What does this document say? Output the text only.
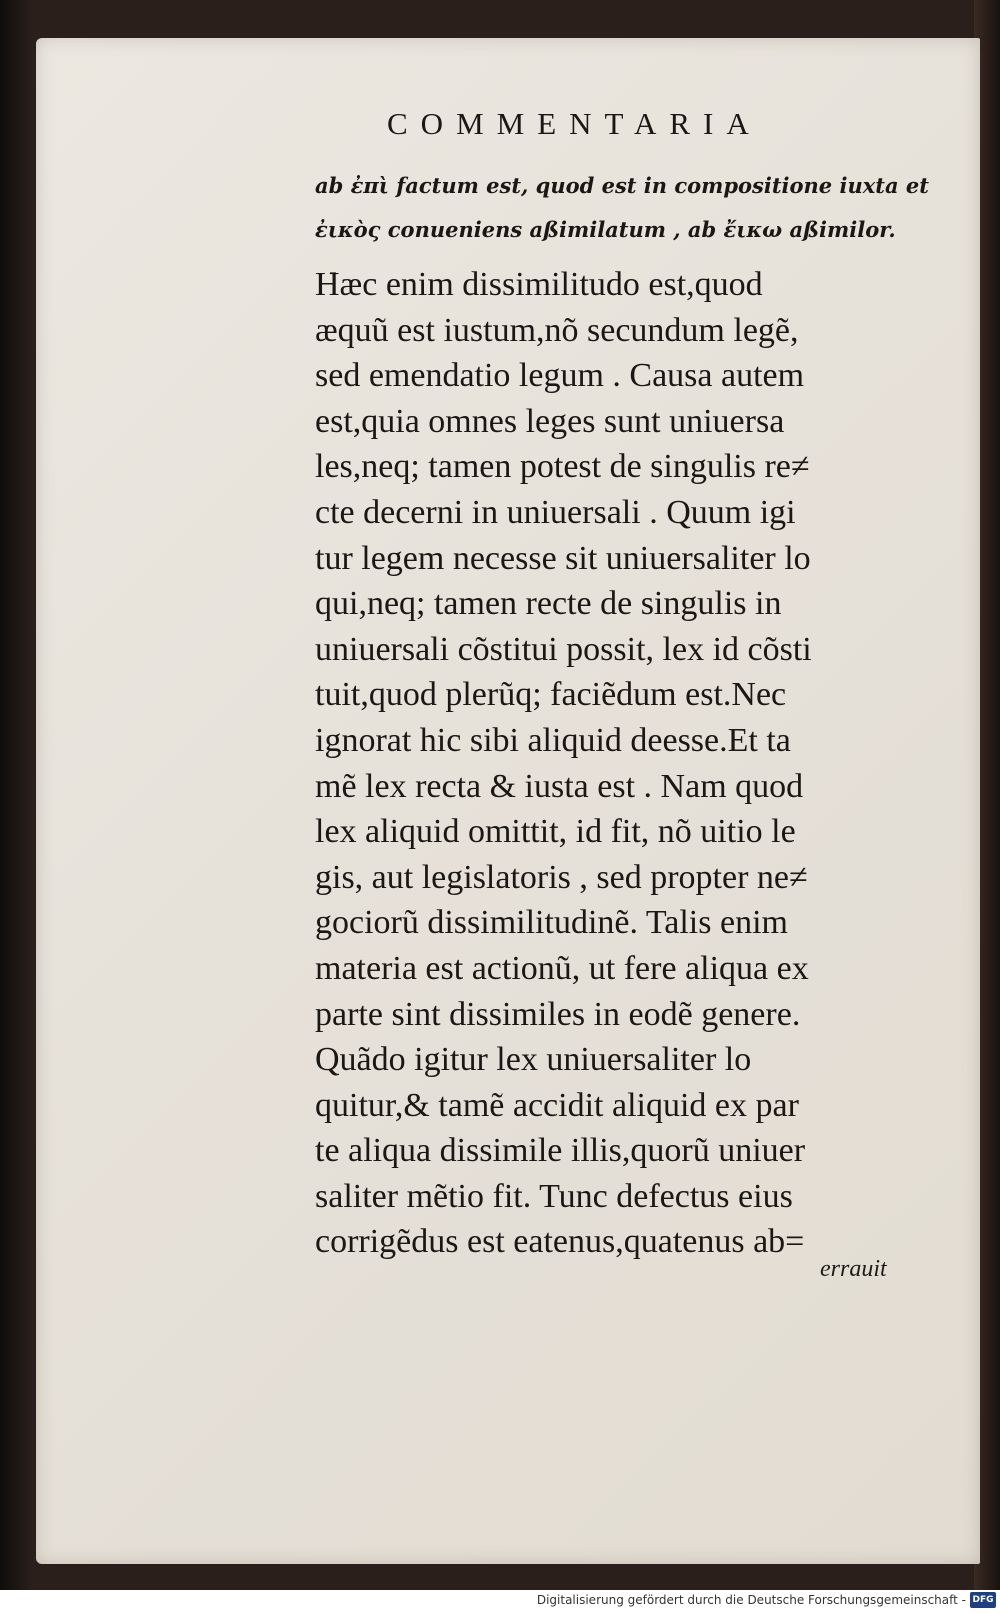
COMMENTARIA

ab ἐπὶ factum est, quod est in compositione iuxta et

ἐικὸς conueniens aßimilatum , ab ἔικω aßimilor.

Hæc enim dissimilitudo est,quod

æquũ est iustum,nõ secundum legẽ,

sed emendatio legum . Causa autem

est,quia omnes leges sunt uniuersa

les,neq; tamen potest de singulis re≠

cte decerni in uniuersali . Quum igi

tur legem necesse sit uniuersaliter lo

qui,neq; tamen recte de singulis in

uniuersali cõstitui possit, lex id cõsti

tuit,quod plerũq; faciẽdum est.Nec

ignorat hic sibi aliquid deesse.Et ta

mẽ lex recta & iusta est . Nam quod

lex aliquid omittit, id fit, nõ uitio le

gis, aut legislatoris , sed propter ne≠

gociorũ dissimilitudinẽ. Talis enim

materia est actionũ, ut fere aliqua ex

parte sint dissimiles in eodẽ genere.

Quãdo igitur lex uniuersaliter lo

quitur,& tamẽ accidit aliquid ex par

te aliqua dissimile illis,quorũ uniuer

saliter mẽtio fit. Tunc defectus eius

corrigẽdus est eatenus,quatenus ab=

errauit
Digitalisierung gefördert durch die Deutsche Forschungsgemeinschaft - DFG
